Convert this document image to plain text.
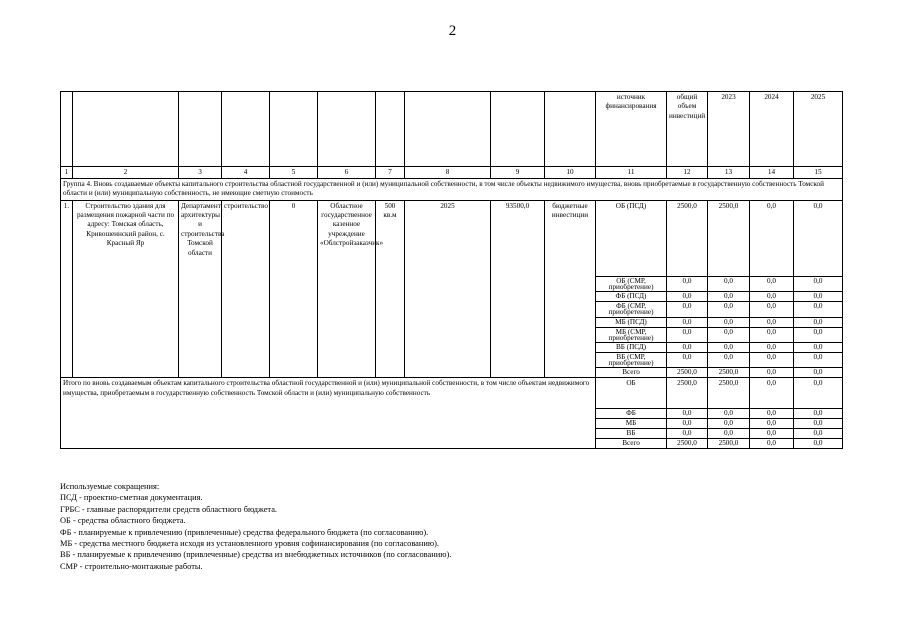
2
										источник финансирования	общий объем инвестиций	2023	2024	2025
1	2	3	4	5	6	7	8	9	10	11	12	13	14	15
Группа 4. Вновь создаваемые объекты капитального строительства областной государственной и (или) муниципальной собственности, в том числе объекты недвижимого имущества, вновь приобретаемые в государственную собственность Томской области и (или) муниципальную собственность, не имеющие сметную стоимость														
1.	Строительство здания для размещения пожарной части по адресу: Томская область, Кривошеинский район, с. Красный Яр	Департамент архитектуры и строительства Томской области	строительство	0	Областное государственное казенное учреждение «Облстройзаказчик»	500 кв.м	2025	93500,0	бюджетные инвестиции	ОБ (ПСД)	2500,0	2500,0	0,0	0,0
										ОБ (СМР, приобретение)	0,0	0,0	0,0	0,0
										ФБ (ПСД)	0,0	0,0	0,0	0,0
										ФБ (СМР, приобретение)	0,0	0,0	0,0	0,0
										МБ (ПСД)	0,0	0,0	0,0	0,0
										МБ (СМР, приобретение)	0,0	0,0	0,0	0,0
										ВБ (ПСД)	0,0	0,0	0,0	0,0
										ВБ (СМР, приобретение)	0,0	0,0	0,0	0,0
										Всего	2500,0	2500,0	0,0	0,0
Итого по вновь создаваемым объектам капитального строительства областной государственной и (или) муниципальной собственности, в том числе объектам недвижимого имущества, приобретаемым в государственную собственность Томской области и (или) муниципальную собственность										ОБ	2500,0	2500,0	0,0	0,0
										ФБ	0,0	0,0	0,0	0,0
										МБ	0,0	0,0	0,0	0,0
										ВБ	0,0	0,0	0,0	0,0
										Всего	2500,0	2500,0	0,0	0,0
Используемые сокращения:
ПСД - проектно-сметная документация.
ГРБС - главные распорядители средств областного бюджета.
ОБ - средства областного бюджета.
ФБ - планируемые к привлечению (привлеченные) средства федерального бюджета (по согласованию).
МБ - средства местного бюджета исходя из установленного уровня софинансирования (по согласованию).
ВБ - планируемые к привлечению (привлеченные) средства из внебюджетных источников (по согласованию).
СМР - строительно-монтажные работы.
